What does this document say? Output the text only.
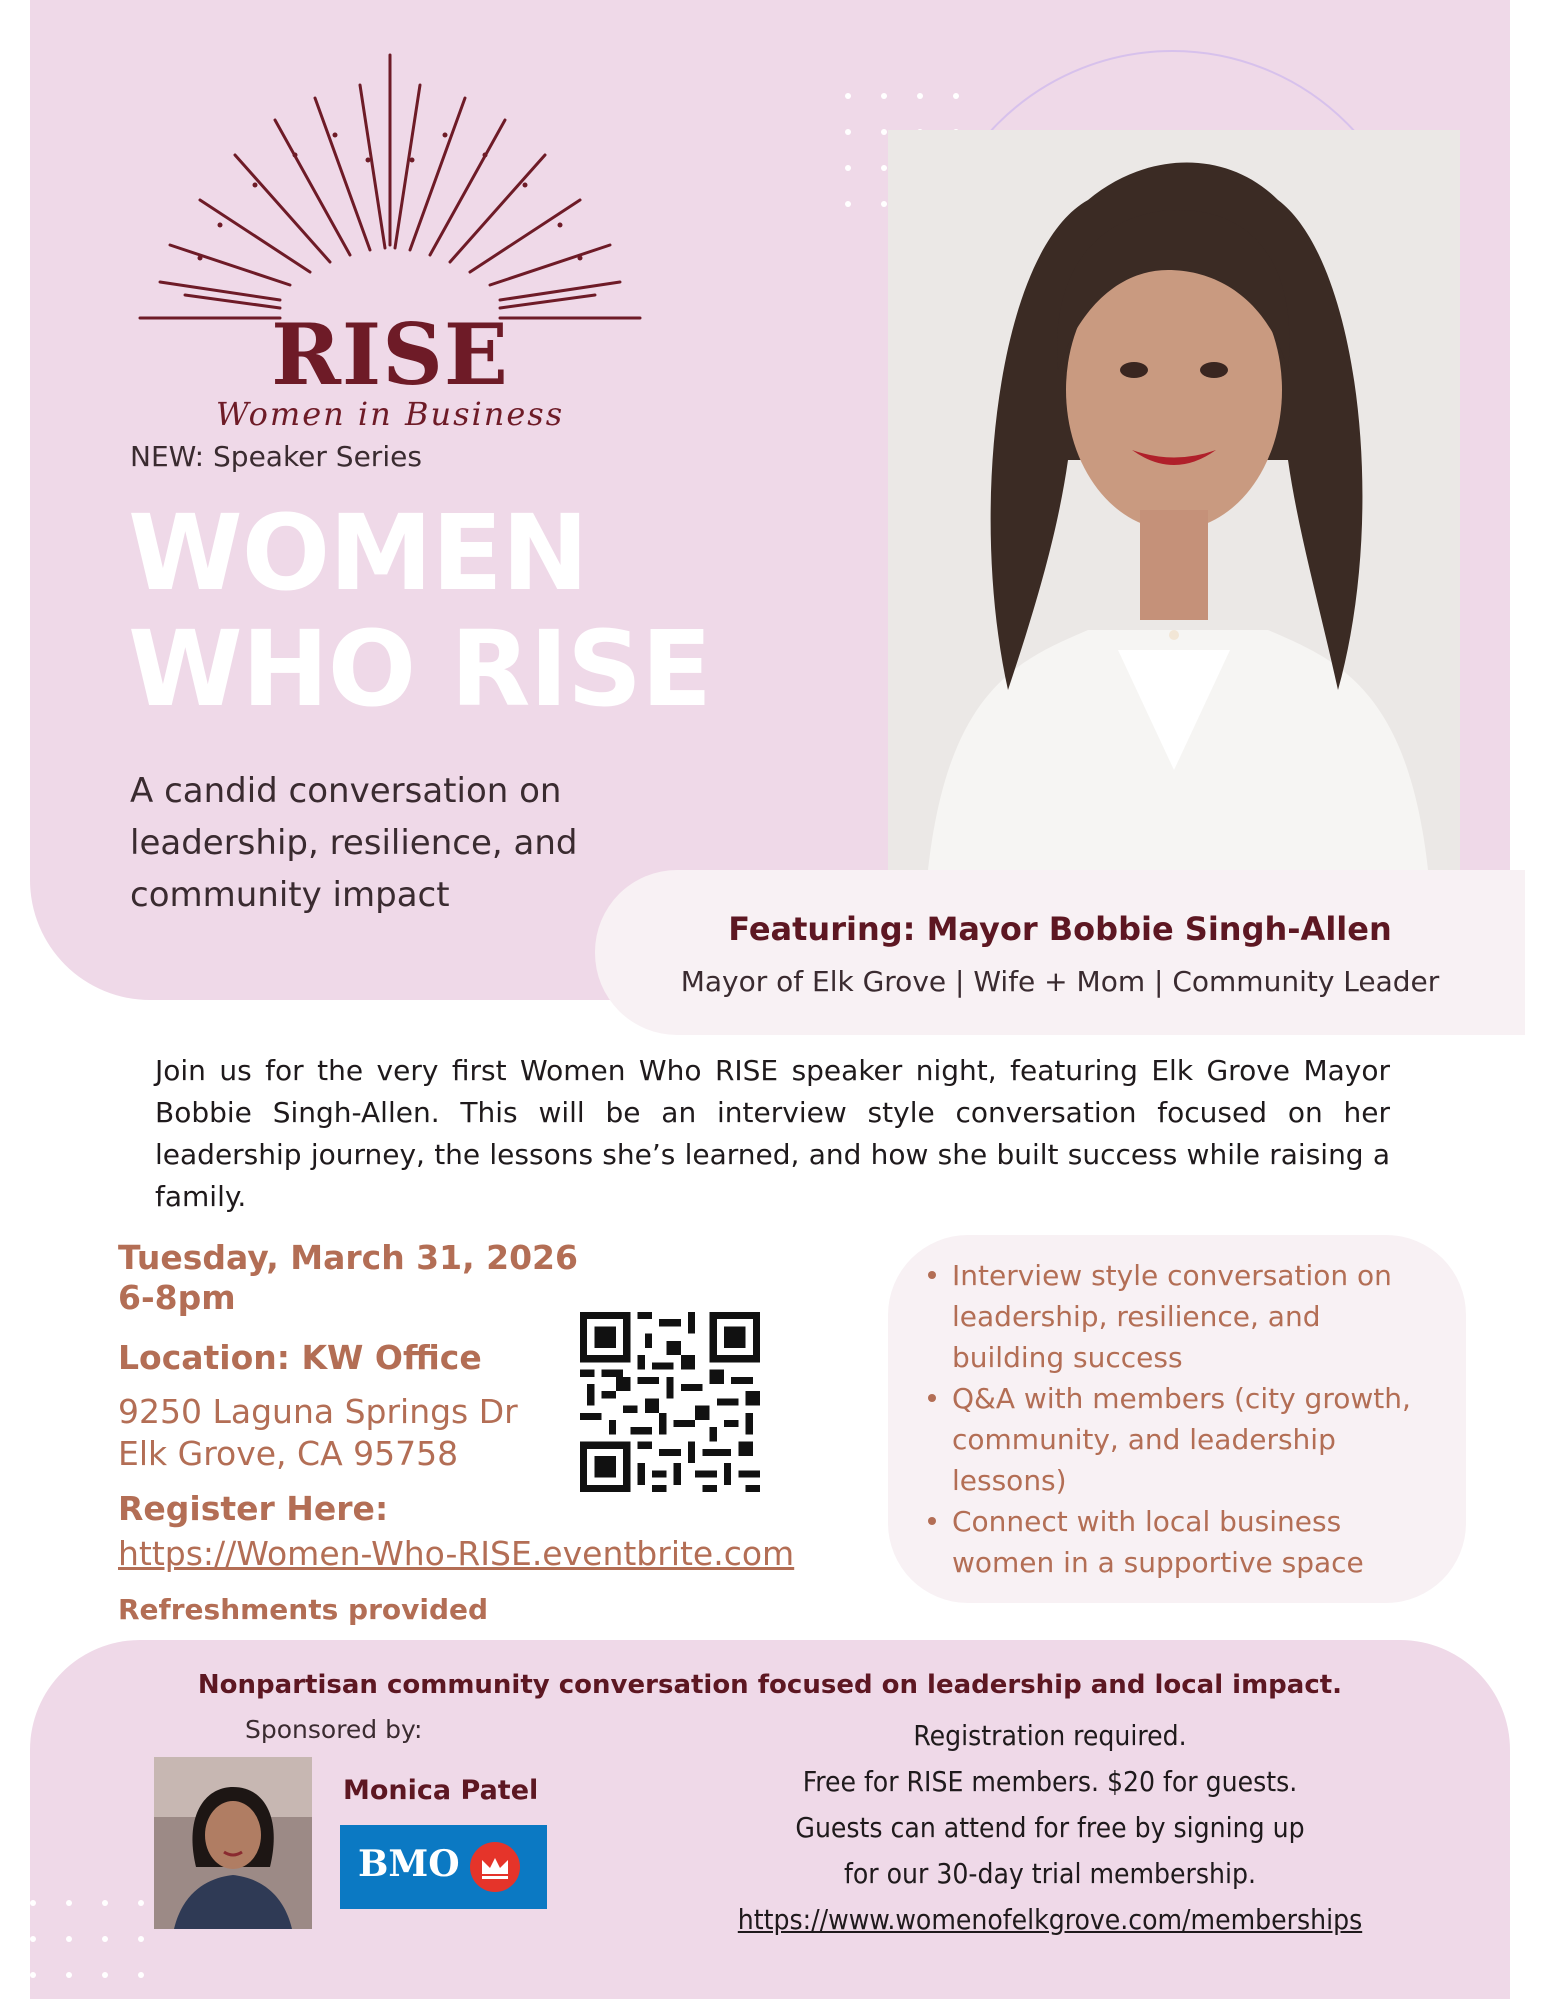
RISE
Women in Business
NEW: Speaker Series
WOMEN
WHO RISE
A candid conversation on leadership, resilience, and community impact
Featuring: Mayor Bobbie Singh-Allen
Mayor of Elk Grove | Wife + Mom | Community Leader
Join us for the very first Women Who RISE speaker night, featuring Elk Grove Mayor Bobbie Singh-Allen. This will be an interview style conversation focused on her leadership journey, the lessons she’s learned, and how she built success while raising a family.
Tuesday, March 31, 2026
6-8pm
Location: KW Office
9250 Laguna Springs Dr
Elk Grove, CA 95758
Register Here:
https://Women-Who-RISE.eventbrite.com
Refreshments provided
Interview style conversation on leadership, resilience, and building success
Q&A with members (city growth, community, and leadership lessons)
Connect with local business women in a supportive space
Nonpartisan community conversation focused on leadership and local impact.
Sponsored by:
Monica Patel
BMO
Registration required.
Free for RISE members. $20 for guests.
Guests can attend for free by signing up
for our 30-day trial membership.
https://www.womenofelkgrove.com/memberships
